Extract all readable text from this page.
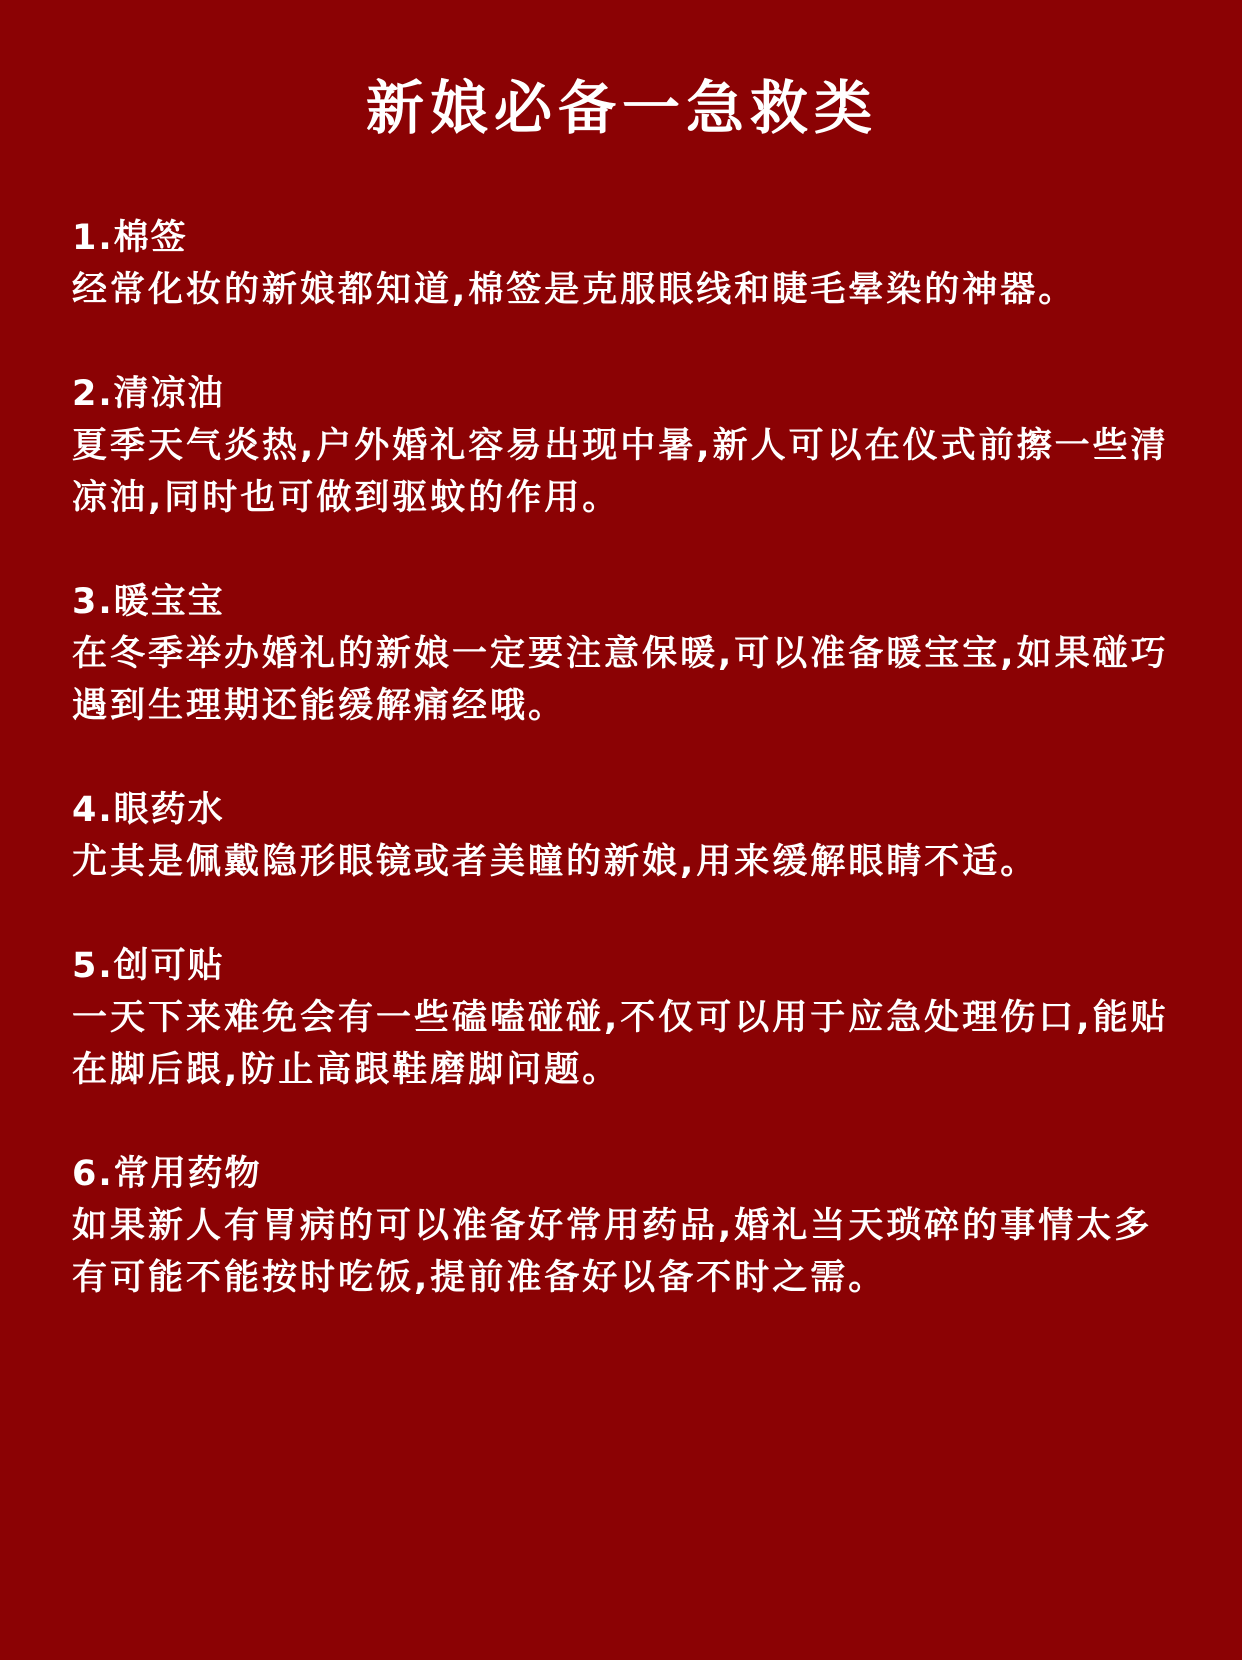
新娘必备一急救类

1.棉签

经常化妆的新娘都知道,棉签是克服眼线和睫毛晕染的神器。

2.清凉油

夏季天气炎热,户外婚礼容易出现中暑,新人可以在仪式前擦一些清凉油,同时也可做到驱蚊的作用。

3.暖宝宝

在冬季举办婚礼的新娘一定要注意保暖,可以准备暖宝宝,如果碰巧遇到生理期还能缓解痛经哦。

4.眼药水

尤其是佩戴隐形眼镜或者美瞳的新娘,用来缓解眼睛不适。

5.创可贴

一天下来难免会有一些磕嗑碰碰,不仅可以用于应急处理伤口,能贴在脚后跟,防止高跟鞋磨脚问题。

6.常用药物

如果新人有胃病的可以准备好常用药品,婚礼当天琐碎的事情太多有可能不能按时吃饭,提前准备好以备不时之需。
